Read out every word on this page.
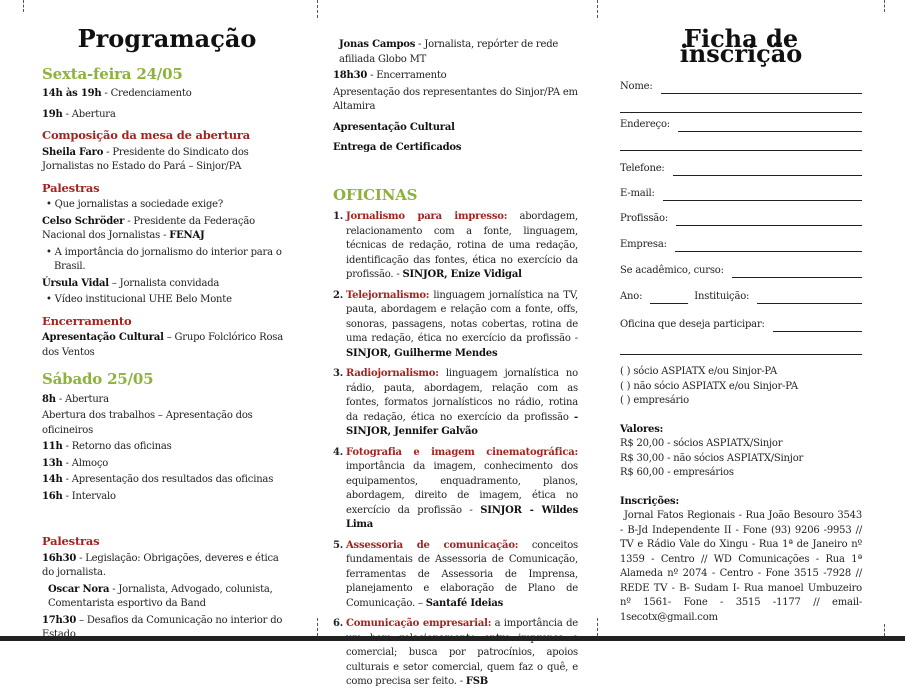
Programação
Sexta-feira 24/05
14h às 19h - Credenciamento
19h - Abertura
Composição da mesa de abertura
Sheila Faro - Presidente do Sindicato dos Jornalistas no Estado do Pará – Sinjor/PA
Palestras
• Que jornalistas a sociedade exige?
Celso Schröder - Presidente da Federação Nacional dos Jornalistas - FENAJ
• A importância do jornalismo do interior para o Brasil.
Úrsula Vidal – Jornalista convidada
• Vídeo institucional UHE Belo Monte
Encerramento
Apresentação Cultural – Grupo Folclórico Rosa dos Ventos
Sábado 25/05
8h - Abertura
Abertura dos trabalhos – Apresentação dos oficineiros
11h - Retorno das oficinas
13h - Almoço
14h - Apresentação dos resultados das oficinas
16h - Intervalo
Palestras
16h30 - Legislação: Obrigações, deveres e ética do jornalista.
Oscar Nora - Jornalista, Advogado, colunista, Comentarista esportivo da Band
17h30 – Desafios da Comunicação no interior do Estado
Jonas Campos - Jornalista, repórter de rede afiliada Globo MT
18h30 - Encerramento
Apresentação dos representantes do Sinjor/PA em Altamira
Apresentação Cultural
Entrega de Certificados
OFICINAS
1. Jornalismo para impresso: abordagem, relacionamento com a fonte, linguagem, técnicas de redação, rotina de uma redação, identificação das fontes, ética no exercício da profissão. - SINJOR, Enize Vidigal
2. Telejornalismo: linguagem jornalística na TV, pauta, abordagem e relação com a fonte, offs, sonoras, passagens, notas cobertas, rotina de uma redação, ética no exercício da profissão - SINJOR, Guilherme Mendes
3. Radiojornalismo: linguagem jornalística no rádio, pauta, abordagem, relação com as fontes, formatos jornalísticos no rádio, rotina da redação, ética no exercício da profissão - SINJOR, Jennifer Galvão
4. Fotografia e imagem cinematográfica: importância da imagem, conhecimento dos equipamentos, enquadramento, planos, abordagem, direito de imagem, ética no exercício da profissão - SINJOR - Wildes Lima
5. Assessoria de comunicação: conceitos fundamentais de Assessoria de Comunicação, ferramentas de Assessoria de Imprensa, planejamento e elaboração de Plano de Comunicação. – Santafé Ideias
6. Comunicação empresarial: a importância de um bom relacionamento entre imprensa e comercial; busca por patrocínios, apoios culturais e setor comercial, quem faz o quê, e como precisa ser feito. - FSB
Ficha de inscrição
Nome:
Endereço:
Telefone:
E-mail:
Profissão:
Empresa:
Se acadêmico, curso:
Ano:	Instituição:
Oficina que deseja participar:
( ) sócio ASPIATX e/ou Sinjor-PA
( ) não sócio ASPIATX e/ou Sinjor-PA
( ) empresário
Valores:
R$ 20,00 - sócios ASPIATX/Sinjor
R$ 30,00 - não sócios ASPIATX/Sinjor
R$ 60,00 - empresários
Inscrições:
Jornal Fatos Regionais - Rua João Besouro 3543 - B-Jd Independente II - Fone (93) 9206 -9953 // TV e Rádio Vale do Xingu - Rua 1ª de Janeiro nº 1359 - Centro // WD Comunicações - Rua 1ª Alameda nº 2074 - Centro - Fone 3515 -7928 // REDE TV - B- Sudam I- Rua manoel Umbuzeiro nº 1561- Fone - 3515 -1177 // email-1secotx@gmail.com
